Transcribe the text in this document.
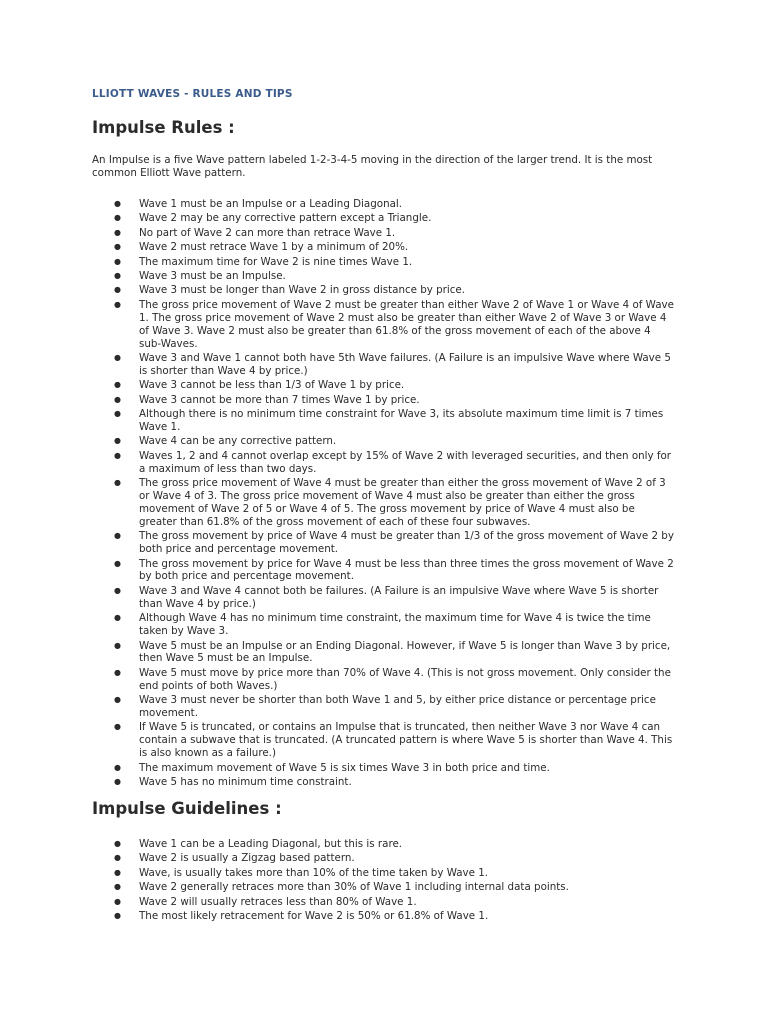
LLIOTT WAVES - RULES AND TIPS
Impulse Rules :

An Impulse is a five Wave pattern labeled 1-2-3-4-5 moving in the direction of the larger trend. It is the most common Elliott Wave pattern.

● Wave 1 must be an Impulse or a Leading Diagonal.
● Wave 2 may be any corrective pattern except a Triangle.
● No part of Wave 2 can more than retrace Wave 1.
● Wave 2 must retrace Wave 1 by a minimum of 20%.
● The maximum time for Wave 2 is nine times Wave 1.
● Wave 3 must be an Impulse.
● Wave 3 must be longer than Wave 2 in gross distance by price.
● The gross price movement of Wave 2 must be greater than either Wave 2 of Wave 1 or Wave 4 of Wave 1. The gross price movement of Wave 2 must also be greater than either Wave 2 of Wave 3 or Wave 4 of Wave 3. Wave 2 must also be greater than 61.8% of the gross movement of each of the above 4 sub-Waves.
● Wave 3 and Wave 1 cannot both have 5th Wave failures. (A Failure is an impulsive Wave where Wave 5 is shorter than Wave 4 by price.)
● Wave 3 cannot be less than 1/3 of Wave 1 by price.
● Wave 3 cannot be more than 7 times Wave 1 by price.
● Although there is no minimum time constraint for Wave 3, its absolute maximum time limit is 7 times Wave 1.
● Wave 4 can be any corrective pattern.
● Waves 1, 2 and 4 cannot overlap except by 15% of Wave 2 with leveraged securities, and then only for a maximum of less than two days.
● The gross price movement of Wave 4 must be greater than either the gross movement of Wave 2 of 3 or Wave 4 of 3. The gross price movement of Wave 4 must also be greater than either the gross movement of Wave 2 of 5 or Wave 4 of 5. The gross movement by price of Wave 4 must also be greater than 61.8% of the gross movement of each of these four subwaves.
● The gross movement by price of Wave 4 must be greater than 1/3 of the gross movement of Wave 2 by both price and percentage movement.
● The gross movement by price for Wave 4 must be less than three times the gross movement of Wave 2 by both price and percentage movement.
● Wave 3 and Wave 4 cannot both be failures. (A Failure is an impulsive Wave where Wave 5 is shorter than Wave 4 by price.)
● Although Wave 4 has no minimum time constraint, the maximum time for Wave 4 is twice the time taken by Wave 3.
● Wave 5 must be an Impulse or an Ending Diagonal. However, if Wave 5 is longer than Wave 3 by price, then Wave 5 must be an Impulse.
● Wave 5 must move by price more than 70% of Wave 4. (This is not gross movement. Only consider the end points of both Waves.)
● Wave 3 must never be shorter than both Wave 1 and 5, by either price distance or percentage price movement.
● If Wave 5 is truncated, or contains an Impulse that is truncated, then neither Wave 3 nor Wave 4 can contain a subwave that is truncated. (A truncated pattern is where Wave 5 is shorter than Wave 4. This is also known as a failure.)
● The maximum movement of Wave 5 is six times Wave 3 in both price and time.
● Wave 5 has no minimum time constraint.
Impulse Guidelines :
● Wave 1 can be a Leading Diagonal, but this is rare.
● Wave 2 is usually a Zigzag based pattern.
● Wave, is usually takes more than 10% of the time taken by Wave 1.
● Wave 2 generally retraces more than 30% of Wave 1 including internal data points.
● Wave 2 will usually retraces less than 80% of Wave 1.
● The most likely retracement for Wave 2 is 50% or 61.8% of Wave 1.
